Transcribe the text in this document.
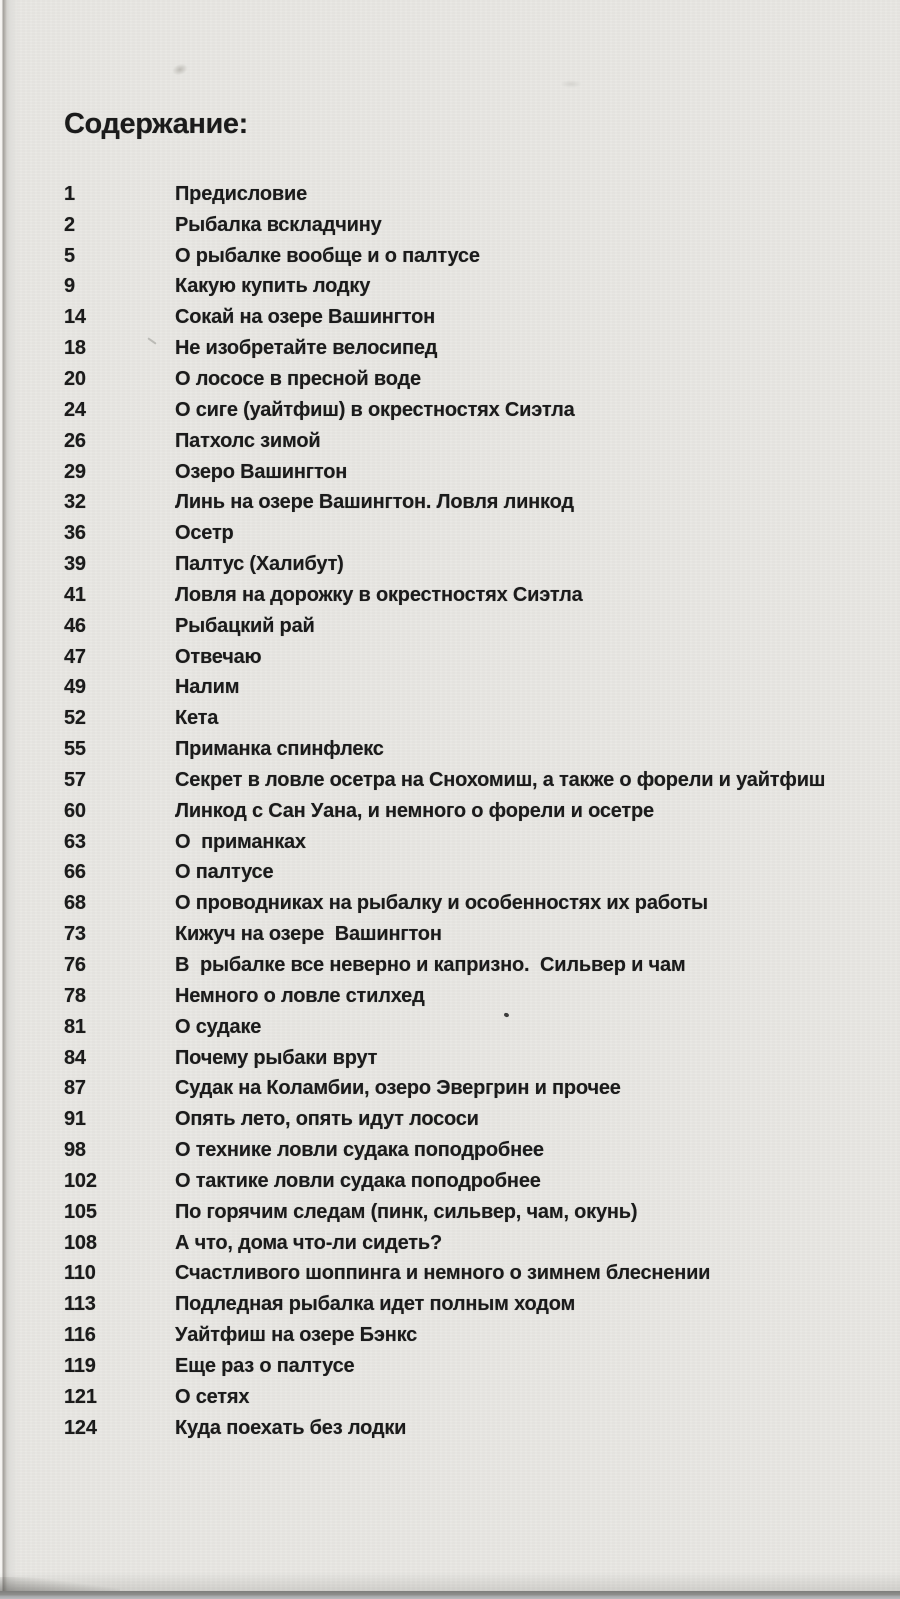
Содержание:
1	Предисловие
2	Рыбалка вскладчину
5	О рыбалке вообще и о палтусе
9	Какую купить лодку
14	Сокай на озере Вашингтон
18	Не изобретайте велосипед
20	О лососе в пресной воде
24	О сиге (уайтфиш) в окрестностях Сиэтла
26	Патхолс зимой
29	Озеро Вашингтон
32	Линь на озере Вашингтон. Ловля линкод
36	Осетр
39	Палтус (Халибут)
41	Ловля на дорожку в окрестностях Сиэтла
46	Рыбацкий рай
47	Отвечаю
49	Налим
52	Кета
55	Приманка спинфлекс
57	Секрет в ловле осетра на Снохомиш, а также о форели и уайтфиш
60	Линкод с Сан Уана, и немного о форели и осетре
63	О  приманках
66	О палтусе
68	О проводниках на рыбалку и особенностях их работы
73	Кижуч на озере  Вашингтон
76	В  рыбалке все неверно и капризно.  Сильвер и чам
78	Немного о ловле стилхед
81	О судаке
84	Почему рыбаки врут
87	Судак на Коламбии, озеро Эвергрин и прочее
91	Опять лето, опять идут лососи
98	О технике ловли судака поподробнее
102	О тактике ловли судака поподробнее
105	По горячим следам (пинк, сильвер, чам, окунь)
108	А что, дома что-ли сидеть?
110	Счастливого шоппинга и немного о зимнем блеснении
113	Подледная рыбалка идет полным ходом
116	Уайтфиш на озере Бэнкс
119	Еще раз о палтусе
121	О сетях
124	Куда поехать без лодки
